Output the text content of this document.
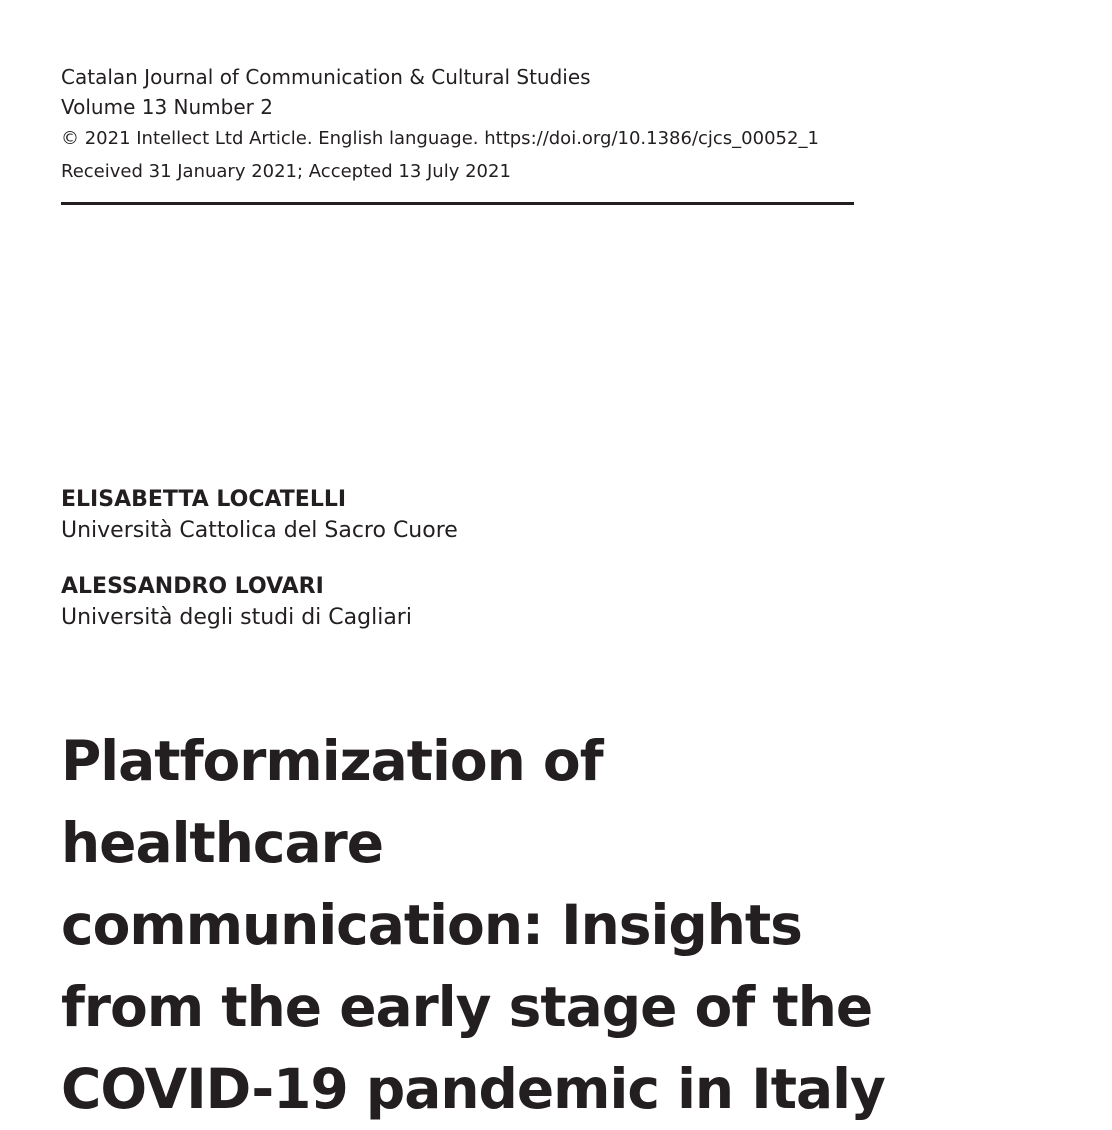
Catalan Journal of Communication & Cultural Studies

Volume 13 Number 2

© 2021 Intellect Ltd Article. English language. https://doi.org/10.1386/cjcs_00052_1

Received 31 January 2021; Accepted 13 July 2021

ELISABETTA LOCATELLI

Università Cattolica del Sacro Cuore

ALESSANDRO LOVARI

Università degli studi di Cagliari

Platformization of healthcare
communication: Insights
from the early stage of the
COVID-19 pandemic in Italy
